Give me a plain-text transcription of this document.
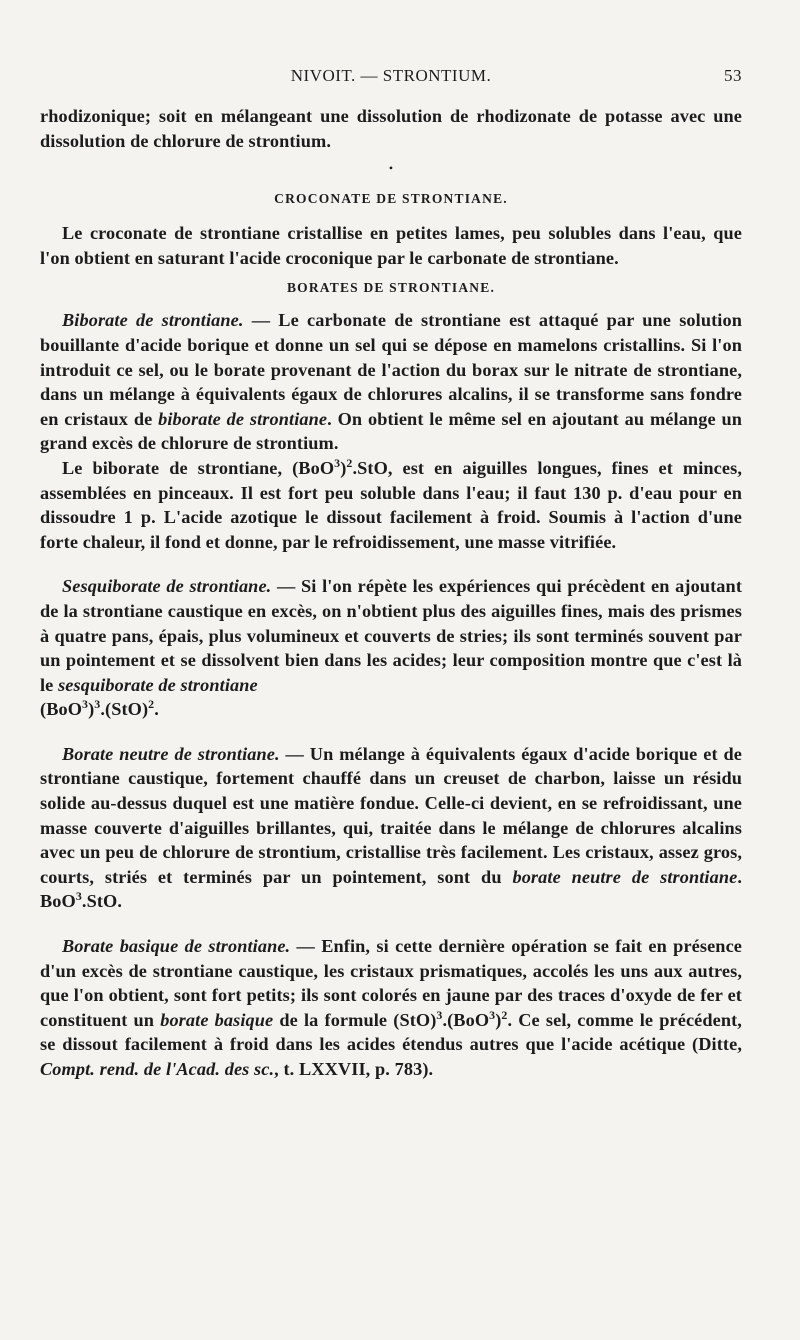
NIVOIT. — STRONTIUM.	53

rhodizonique; soit en mélangeant une dissolution de rhodizonate de potasse avec une dissolution de chlorure de strontium.

•
CROCONATE DE STRONTIANE.

Le croconate de strontiane cristallise en petites lames, peu solubles dans l'eau, que l'on obtient en saturant l'acide croconique par le carbonate de strontiane.

BORATES DE STRONTIANE.

Biborate de strontiane. — Le carbonate de strontiane est attaqué par une solution bouillante d'acide borique et donne un sel qui se dépose en mamelons cristallins. Si l'on introduit ce sel, ou le borate provenant de l'action du borax sur le nitrate de strontiane, dans un mélange à équivalents égaux de chlorures alcalins, il se transforme sans fondre en cristaux de biborate de strontiane. On obtient le même sel en ajoutant au mélange un grand excès de chlorure de strontium.

Le biborate de strontiane, $(BoO^3)^2.StO$, est en aiguilles longues, fines et minces, assemblées en pinceaux. Il est fort peu soluble dans l'eau; il faut 130 p. d'eau pour en dissoudre 1 p. L'acide azotique le dissout facilement à froid. Soumis à l'action d'une forte chaleur, il fond et donne, par le refroidissement, une masse vitrifiée.

Sesquiborate de strontiane. — Si l'on répète les expériences qui précèdent en ajoutant de la strontiane caustique en excès, on n'obtient plus des aiguilles fines, mais des prismes à quatre pans, épais, plus volumineux et couverts de stries; ils sont terminés souvent par un pointement et se dissolvent bien dans les acides; leur composition montre que c'est là le sesquiborate de strontiane
$(BoO^3)^3.(StO)^2$.

Borate neutre de strontiane. — Un mélange à équivalents égaux d'acide borique et de strontiane caustique, fortement chauffé dans un creuset de charbon, laisse un résidu solide au-dessus duquel est une matière fondue. Celle-ci devient, en se refroidissant, une masse couverte d'aiguilles brillantes, qui, traitée dans le mélange de chlorures alcalins avec un peu de chlorure de strontium, cristallise très facilement. Les cristaux, assez gros, courts, striés et terminés par un pointement, sont du borate neutre de strontiane. BoO$^3$.StO.

Borate basique de strontiane. — Enfin, si cette dernière opération se fait en présence d'un excès de strontiane caustique, les cristaux prismatiques, accolés les uns aux autres, que l'on obtient, sont fort petits; ils sont colorés en jaune par des traces d'oxyde de fer et constituent un borate basique de la formule $(StO)^3.(BoO^3)^2$. Ce sel, comme le précédent, se dissout facilement à froid dans les acides étendus autres que l'acide acétique (Ditte, Compt. rend. de l'Acad. des sc., t. LXXVII, p. 783).
